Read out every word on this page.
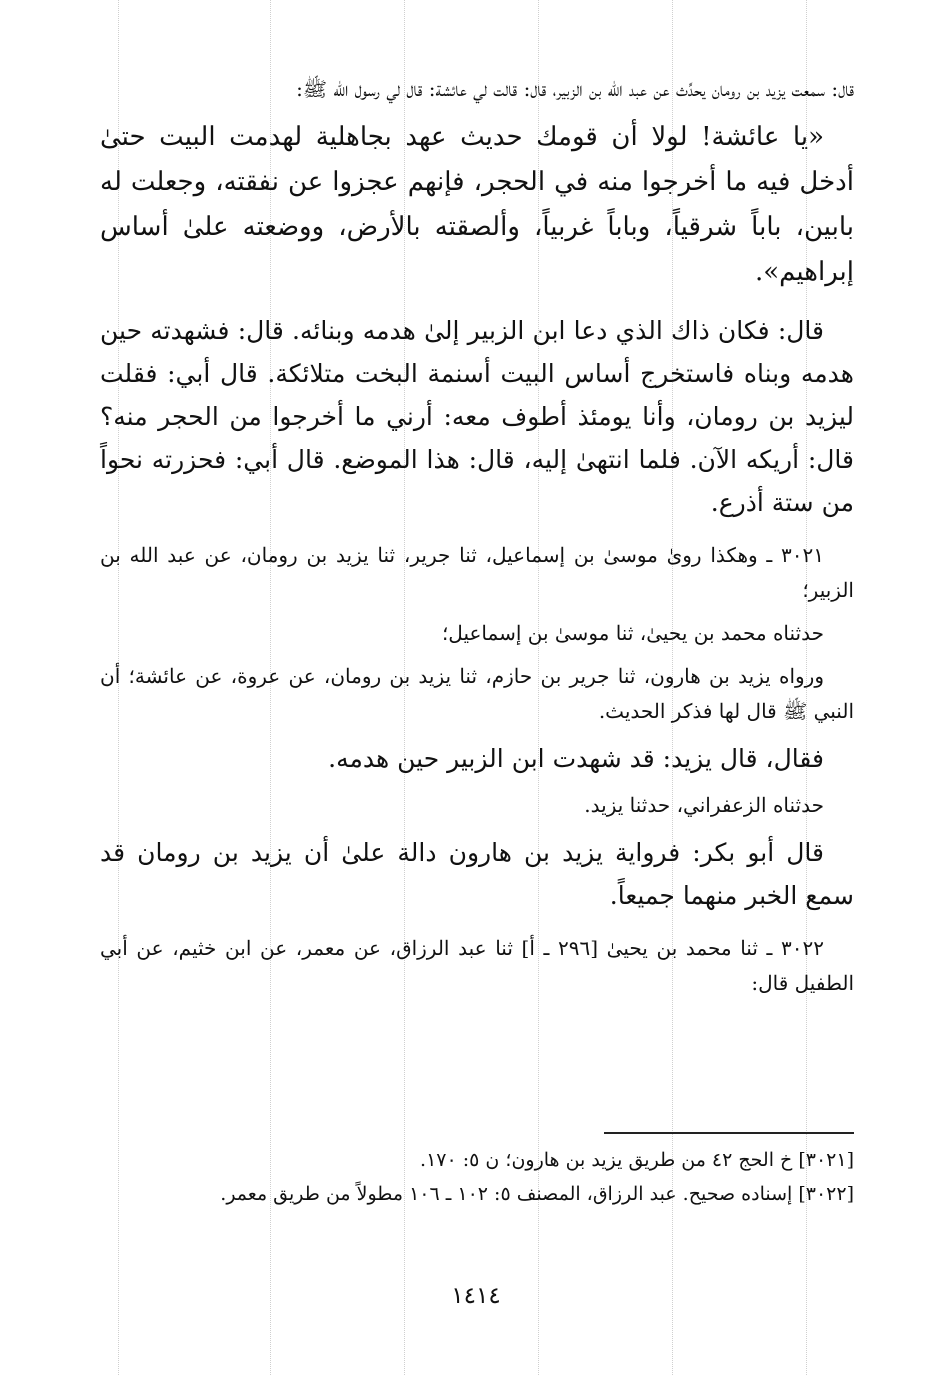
قال: سمعت يزيد بن رومان يحدِّث عن عبد الله بن الزبير، قال: قالت لي عائشة: قال لي رسول الله ﷺ:

«يا عائشة! لولا أن قومك حديث عهد بجاهلية لهدمت البيت حتىٰ أدخل فيه ما أخرجوا منه في الحجر، فإنهم عجزوا عن نفقته، وجعلت له بابين، باباً شرقياً، وباباً غربياً، وألصقته بالأرض، ووضعته علىٰ أساس إبراهيم».

قال: فكان ذاك الذي دعا ابن الزبير إلىٰ هدمه وبنائه. قال: فشهدته حين هدمه وبناه فاستخرج أساس البيت أسنمة البخت متلائكة. قال أبي: فقلت ليزيد بن رومان، وأنا يومئذ أطوف معه: أرني ما أخرجوا من الحجر منه؟ قال: أريكه الآن. فلما انتهىٰ إليه، قال: هذا الموضع. قال أبي: فحزرته نحواً من ستة أذرع.

٣٠٢١ ـ وهكذا روىٰ موسىٰ بن إسماعيل، ثنا جرير، ثنا يزيد بن رومان، عن عبد الله بن الزبير؛

حدثناه محمد بن يحيىٰ، ثنا موسىٰ بن إسماعيل؛

ورواه يزيد بن هارون، ثنا جرير بن حازم، ثنا يزيد بن رومان، عن عروة، عن عائشة؛ أن النبي ﷺ قال لها فذكر الحديث.

فقال، قال يزيد: قد شهدت ابن الزبير حين هدمه.

حدثناه الزعفراني، حدثنا يزيد.

قال أبو بكر: فرواية يزيد بن هارون دالة علىٰ أن يزيد بن رومان قد سمع الخبر منهما جميعاً.

٣٠٢٢ ـ ثنا محمد بن يحيىٰ [٢٩٦ ـ أ] ثنا عبد الرزاق، عن معمر، عن ابن خثيم، عن أبي الطفيل قال:

[٣٠٢١] خ الحج ٤٢ من طريق يزيد بن هارون؛ ن ٥: ١٧٠.

[٣٠٢٢] إسناده صحيح. عبد الرزاق، المصنف ٥: ١٠٢ ـ ١٠٦ مطولاً من طريق معمر.

١٤١٤
